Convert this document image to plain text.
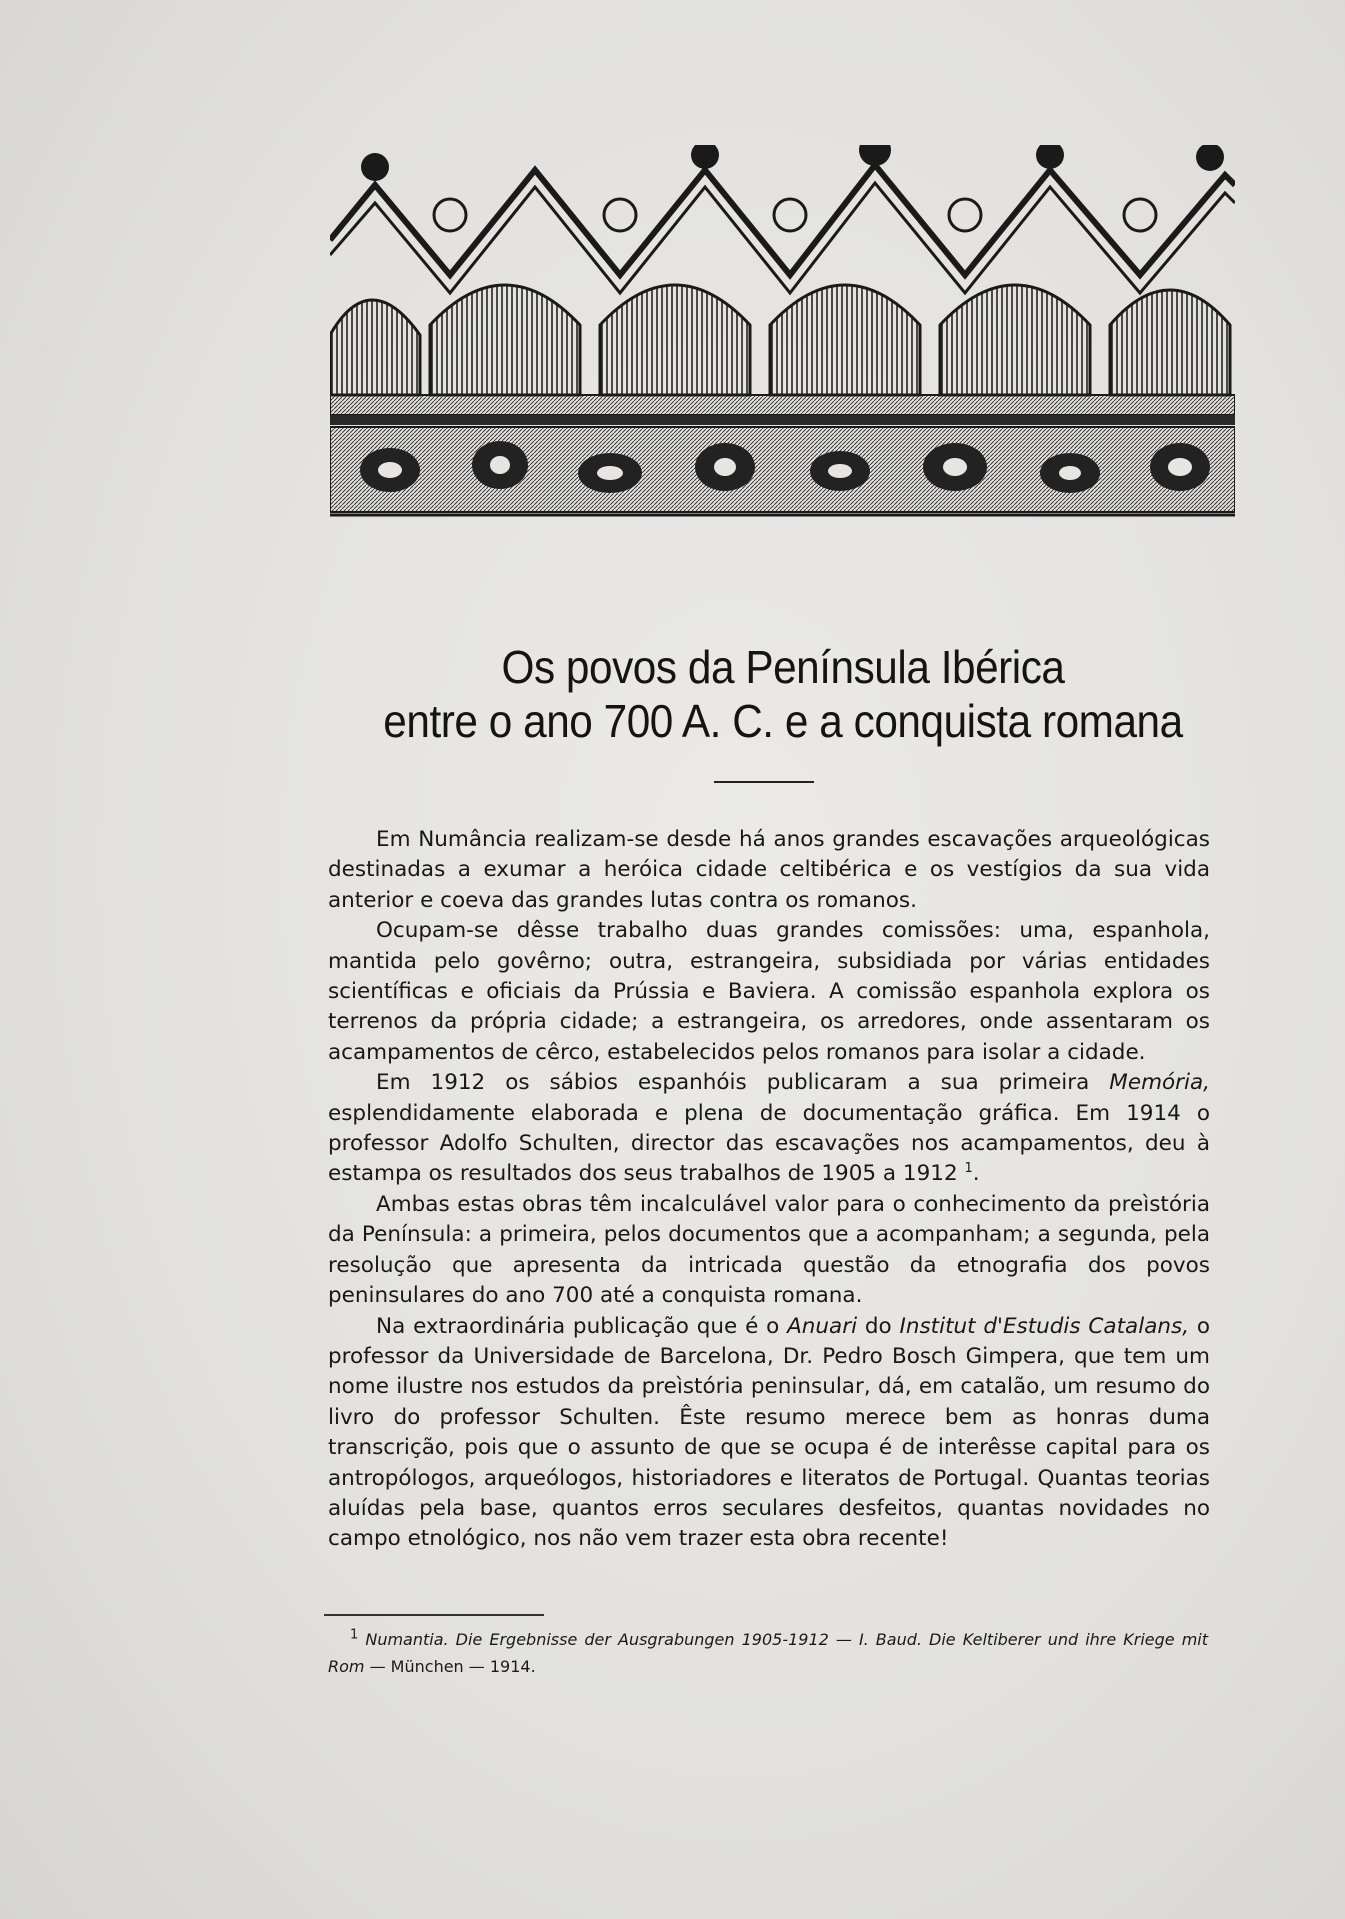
Os povos da Península Ibérica
entre o ano 700 A. C. e a conquista romana

Em Numância realizam-se desde há anos grandes escavações arqueológicas destinadas a exumar a heróica cidade celtibérica e os vestígios da sua vida anterior e coeva das grandes lutas contra os romanos.

Ocupam-se dêsse trabalho duas grandes comissões: uma, espanhola, mantida pelo govêrno; outra, estrangeira, subsidiada por várias entidades scientíficas e oficiais da Prússia e Baviera. A comissão espanhola explora os terrenos da própria cidade; a estrangeira, os arredores, onde assentaram os acampamentos de cêrco, estabelecidos pelos romanos para isolar a cidade.

Em 1912 os sábios espanhóis publicaram a sua primeira Memória, esplendidamente elaborada e plena de documentação gráfica. Em 1914 o professor Adolfo Schulten, director das escavações nos acampamentos, deu à estampa os resultados dos seus trabalhos de 1905 a 1912 $^1$.

Ambas estas obras têm incalculável valor para o conhecimento da preìstória da Península: a primeira, pelos documentos que a acompanham; a segunda, pela resolução que apresenta da intricada questão da etnografia dos povos peninsulares do ano 700 até a conquista romana.

Na extraordinária publicação que é o Anuari do Institut d'Estudis Catalans, o professor da Universidade de Barcelona, Dr. Pedro Bosch Gimpera, que tem um nome ilustre nos estudos da preìstória peninsular, dá, em catalão, um resumo do livro do professor Schulten. Êste resumo merece bem as honras duma transcrição, pois que o assunto de que se ocupa é de interêsse capital para os antropólogos, arqueólogos, historiadores e literatos de Portugal. Quantas teorias aluídas pela base, quantos erros seculares desfeitos, quantas novidades no campo etnológico, nos não vem trazer esta obra recente!

$^1$ Numantia. Die Ergebnisse der Ausgrabungen 1905-1912 — I. Baud. Die Keltiberer und ihre Kriege mit Rom — München — 1914.
